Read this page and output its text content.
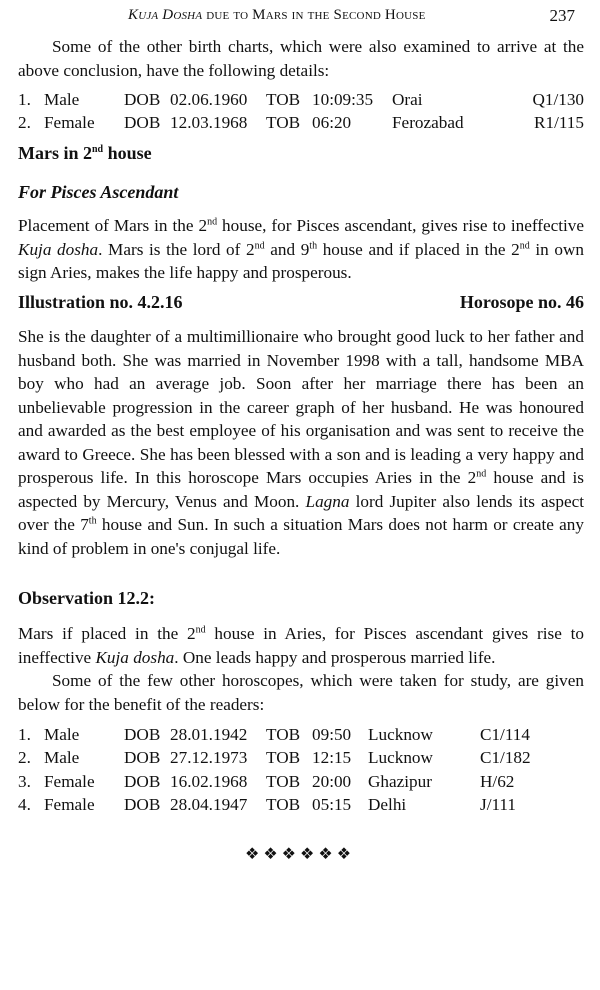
Kuja Dosha due to Mars in the Second House	237

Some of the other birth charts, which were also examined to arrive at the above conclusion, have the following details:

1.	Male	DOB	02.06.1960	TOB	10:09:35	Orai	Q1/130
2.	Female	DOB	12.03.1968	TOB	06:20	Ferozabad	R1/115
Mars in 2nd house
For Pisces Ascendant

Placement of Mars in the 2nd house, for Pisces ascendant, gives rise to ineffective Kuja dosha. Mars is the lord of 2nd and 9th house and if placed in the 2nd in own sign Aries, makes the life happy and prosperous.

Illustration no. 4.2.16	Horosope no. 46

She is the daughter of a multimillionaire who brought good luck to her father and husband both. She was married in November 1998 with a tall, handsome MBA boy who had an average job. Soon after her marriage there has been an unbelievable progression in the career graph of her husband. He was honoured and awarded as the best employee of his organisation and was sent to receive the award to Greece. She has been blessed with a son and is leading a very happy and prosperous life. In this horoscope Mars occupies Aries in the 2nd house and is aspected by Mercury, Venus and Moon. Lagna lord Jupiter also lends its aspect over the 7th house and Sun. In such a situation Mars does not harm or create any kind of problem in one's conjugal life.

Observation 12.2:

Mars if placed in the 2nd house in Aries, for Pisces ascendant gives rise to ineffective Kuja dosha. One leads happy and prosperous married life.

Some of the few other horoscopes, which were taken for study, are given below for the benefit of the readers:

1.	Male	DOB	28.01.1942	TOB	09:50	Lucknow	C1/114
2.	Male	DOB	27.12.1973	TOB	12:15	Lucknow	C1/182
3.	Female	DOB	16.02.1968	TOB	20:00	Ghazipur	H/62
4.	Female	DOB	28.04.1947	TOB	05:15	Delhi	J/111
❖❖❖❖❖❖
